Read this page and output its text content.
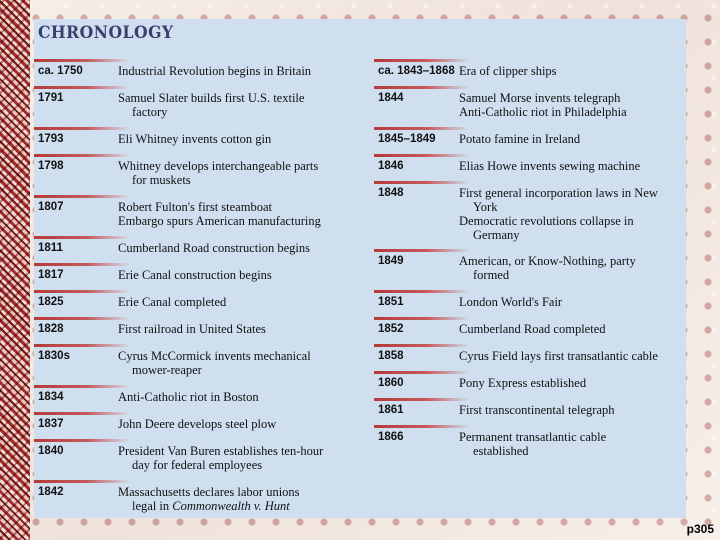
CHRONOLOGY
ca. 1750	Industrial Revolution begins in Britain
1791	Samuel Slater builds first U.S. textile
factory
1793	Eli Whitney invents cotton gin
1798	Whitney develops interchangeable parts
for muskets
1807	Robert Fulton's first steamboat
Embargo spurs American manufacturing
1811	Cumberland Road construction begins
1817	Erie Canal construction begins
1825	Erie Canal completed
1828	First railroad in United States
1830s	Cyrus McCormick invents mechanical
mower-reaper
1834	Anti-Catholic riot in Boston
1837	John Deere develops steel plow
1840	President Van Buren establishes ten-hour
day for federal employees
1842	Massachusetts declares labor unions
legal in Commonwealth v. Hunt
ca. 1843–1868 Era of clipper ships
1844	Samuel Morse invents telegraph
Anti-Catholic riot in Philadelphia
1845–1849 Potato famine in Ireland
1846	Elias Howe invents sewing machine
1848	First general incorporation laws in New
York
Democratic revolutions collapse in
Germany
1849	American, or Know-Nothing, party
formed
1851	London World's Fair
1852	Cumberland Road completed
1858	Cyrus Field lays first transatlantic cable
1860	Pony Express established
1861	First transcontinental telegraph
1866	Permanent transatlantic cable
established
p305
